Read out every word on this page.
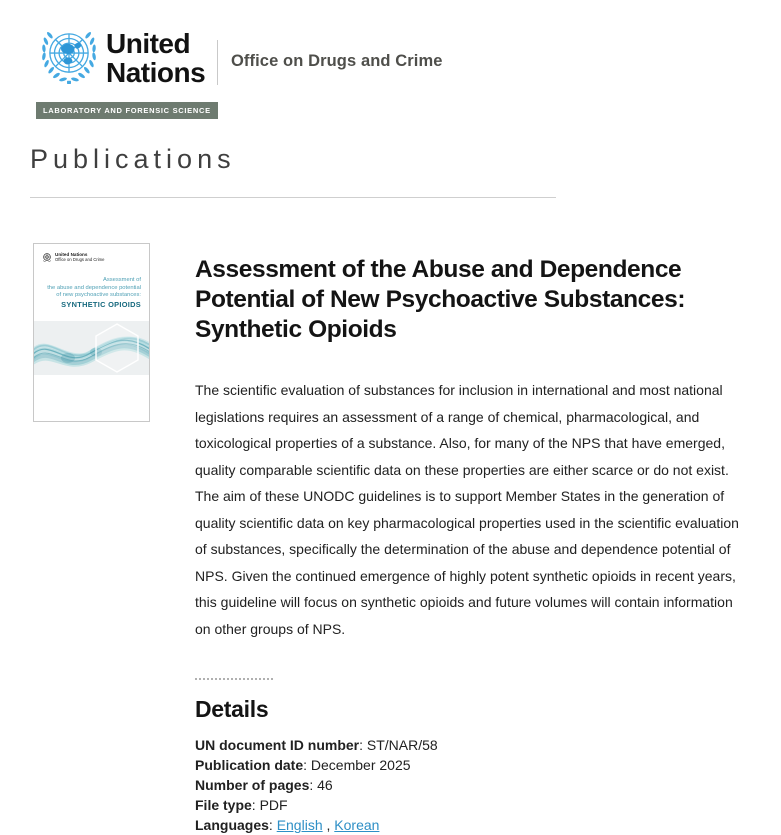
United
Nations Office on Drugs and Crime
LABORATORY AND FORENSIC SCIENCE
Publications
United Nations
Office on Drugs and Crime
Assessment of
the abuse and dependence potential
of new psychoactive substances:
SYNTHETIC OPIOIDS
Assessment of the Abuse and Dependence Potential of New Psychoactive Substances: Synthetic Opioids

The scientific evaluation of substances for inclusion in international and most national legislations requires an assessment of a range of chemical, pharmacological, and toxicological properties of a substance. Also, for many of the NPS that have emerged, quality comparable scientific data on these properties are either scarce or do not exist. The aim of these UNODC guidelines is to support Member States in the generation of quality scientific data on key pharmacological properties used in the scientific evaluation of substances, specifically the determination of the abuse and dependence potential of NPS. Given the continued emergence of highly potent synthetic opioids in recent years, this guideline will focus on synthetic opioids and future volumes will contain information on other groups of NPS.

Details
UN document ID number: ST/NAR/58
Publication date: December 2025
Number of pages: 46
File type: PDF
Languages: English , Korean
